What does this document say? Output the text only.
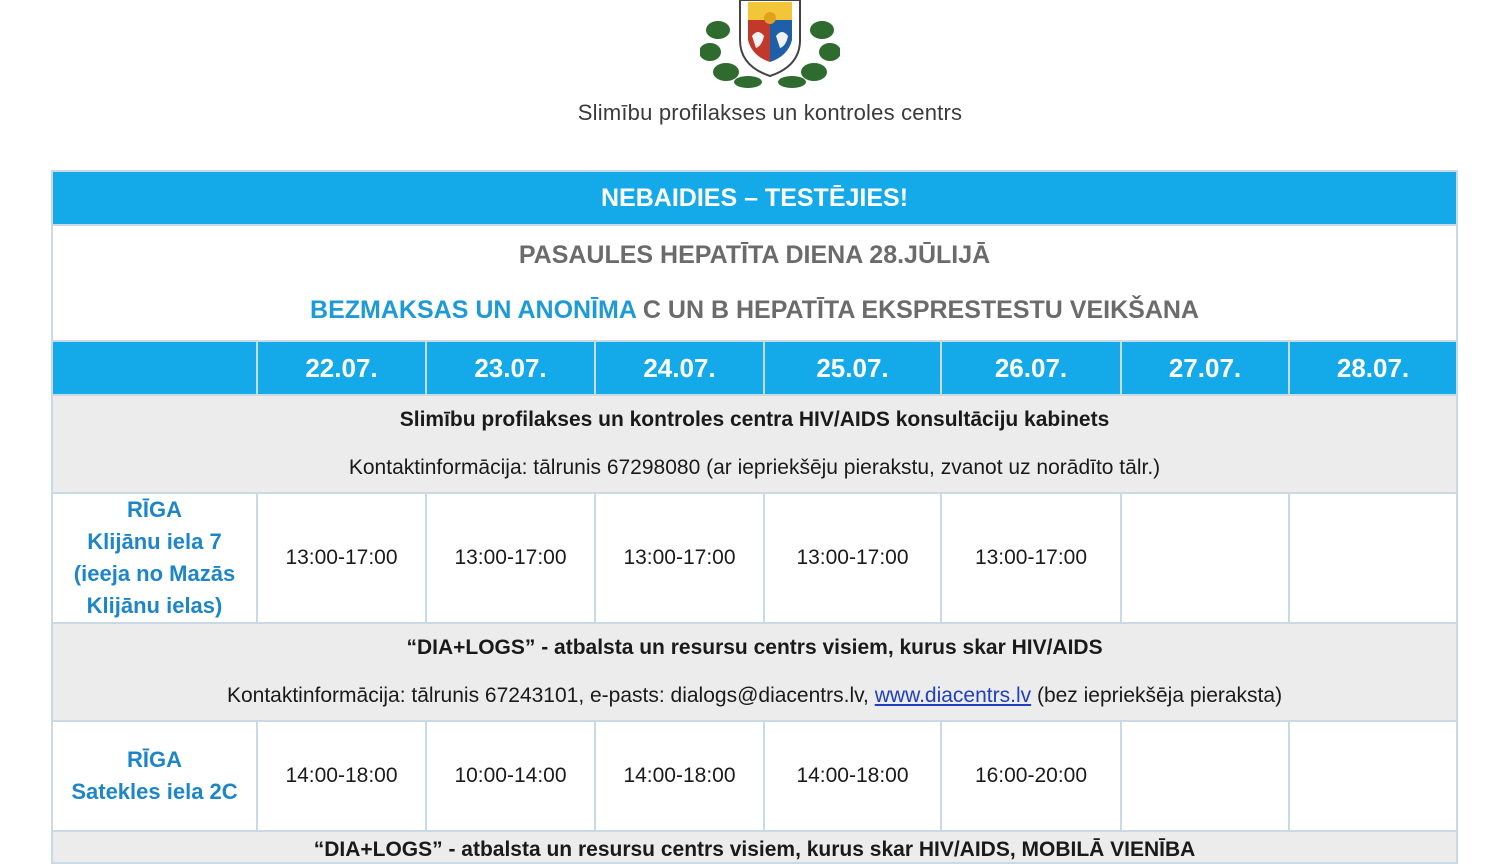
Slimību profilakses un kontroles centrs
NEBAIDIES – TESTĒJIES!							

PASAULES HEPATĪTA DIENA 28.JŪLIJĀ
BEZMAKSAS UN ANONĪMA C UN B HEPATĪTA EKSPRESTESTU VEIKŠANA							

	22.07.	23.07.	24.07.	25.07.	26.07.	27.07.	28.07.

Slimību profilakses un kontroles centra HIV/AIDS konsultāciju kabinets
Kontaktinformācija: tālrunis 67298080 (ar iepriekšēju pierakstu, zvanot uz norādīto tālr.)							

RĪGA
Klijānu iela 7
(ieeja no Mazās
Klijānu ielas)	13:00-17:00	13:00-17:00	13:00-17:00	13:00-17:00	13:00-17:00		

“DIA+LOGS” - atbalsta un resursu centrs visiem, kurus skar HIV/AIDS
Kontaktinformācija: tālrunis 67243101, e-pasts: dialogs@diacentrs.lv, www.diacentrs.lv (bez iepriekšēja pieraksta)							

RĪGA
Satekles iela 2C	14:00-18:00	10:00-14:00	14:00-18:00	14:00-18:00	16:00-20:00		
“DIA+LOGS” - atbalsta un resursu centrs visiem, kurus skar HIV/AIDS, MOBILĀ VIENĪBA							
